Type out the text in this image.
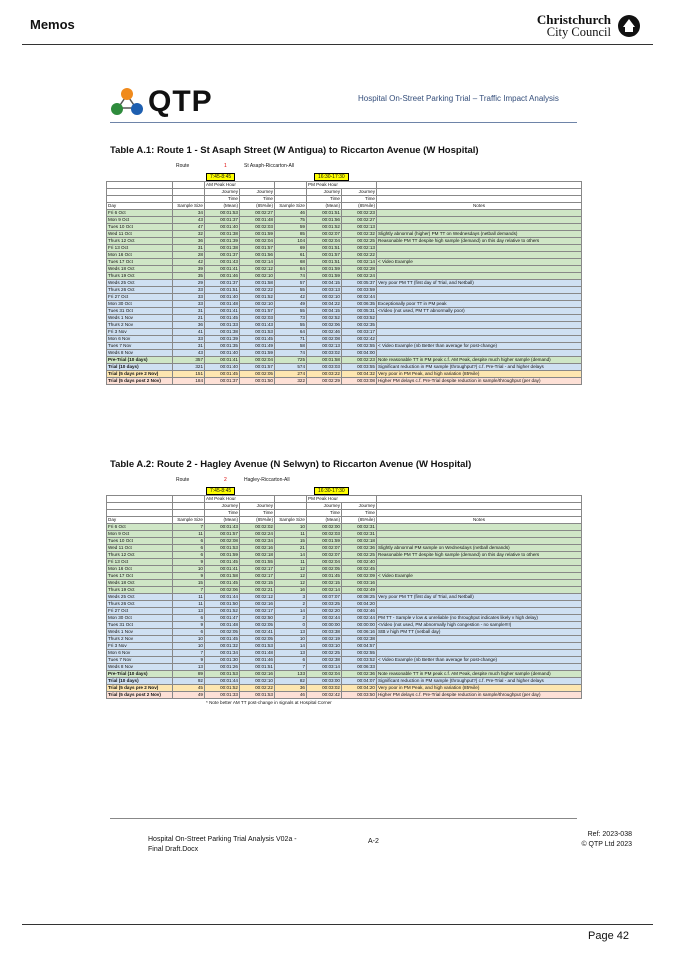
Memos	Christchurch
City Council
QTP	Hospital On-Street Parking Trial – Traffic Impact Analysis
Table A.1: Route 1 - St Asaph Street (W Antigua) to Riccarton Avenue (W Hospital)
Route	1	St Asaph-Riccarton-All
7:45-8:45	16:30-17:30
		AM Peak Hour			PM Peak Hour		
		Journey	Journey		Journey	Journey	
		Time	Time		Time	Time	
Day	Sample Size	(Mean)	(85%ile)	Sample Size	(Mean)	(85%ile)	Notes
Fri 6 Oct	34	00:01:53	00:02:27	46	00:01:51	00:02:23	
Mon 9 Oct	43	00:01:37	00:01:48	75	00:01:56	00:02:27	
Tues 10 Oct	47	00:01:40	00:02:03	59	00:01:52	00:02:13	
Wed 11 Oct	32	00:01:38	00:01:59	85	00:02:07	00:02:32	Slightly abnormal (higher) PM TT on Wednesdays (netball demands)
Thurs 12 Oct	36	00:01:39	00:02:04	104	00:02:04	00:02:25	Reasonable PM TT despite high sample (demand) on this day relative to others
Fri 13 Oct	31	00:01:38	00:01:57	69	00:01:51	00:02:13	
Mon 16 Oct	28	00:01:37	00:01:56	61	00:01:57	00:02:22	
Tues 17 Oct	42	00:01:43	00:02:14	68	00:01:51	00:02:14	< Video Example
Weds 18 Oct	39	00:01:41	00:02:12	84	00:01:59	00:02:28	
Thurs 19 Oct	35	00:01:46	00:02:10	74	00:01:59	00:02:24	
Weds 25 Oct	29	00:01:37	00:01:58	57	00:04:15	00:05:37	Very poor PM TT (first day of Trial, and Netball)
Thurs 26 Oct	33	00:01:51	00:02:22	55	00:03:13	00:03:59	
Fri 27 Oct	33	00:01:40	00:01:52	42	00:02:10	00:02:44	
Mon 30 Oct	33	00:01:48	00:02:10	49	00:04:22	00:06:35	Exceptionally poor TT in PM peak
Tues 31 Oct	31	00:01:41	00:01:57	55	00:04:15	00:05:31	<Video (not used, PM TT abnormally poor)
Weds 1 Nov	21	00:01:45	00:02:03	73	00:02:52	00:03:52	
Thurs 2 Nov	36	00:01:33	00:01:43	55	00:02:06	00:02:35	
Fri 3 Nov	41	00:01:38	00:01:53	64	00:02:46	00:03:17	
Mon 6 Nov	33	00:01:39	00:01:45	71	00:02:08	00:02:42	
Tues 7 Nov	31	00:01:35	00:01:49	58	00:02:13	00:02:55	< Video Example (nb Better than average for post-change)
Weds 8 Nov	43	00:01:40	00:01:59	74	00:03:02	00:04:00	
Pre-Trial (10 days)	357	00:01:41	00:02:04	725	00:01:58	00:02:23	Note reasonable TT in PM peak c.f. AM Peak, despite much higher sample (demand)
Trial (10 days)	321	00:01:40	00:01:57	574	00:03:03	00:03:55	Significant reduction in PM sample (throughput?) c.f. Pre-Trial - and higher delays
Trial (5 days pre 2 Nov)	151	00:01:45	00:02:05	274	00:03:22	00:04:32	Very poor in PM Peak, and high variation (85%ile)
Trial (5 days post 2 Nov)	184	00:01:37	00:01:50	322	00:02:29	00:03:08	Higher PM delays c.f. Pre-Trial despite reduction in sample/throughput (per day)
Table A.2: Route 2 - Hagley Avenue (N Selwyn) to Riccarton Avenue (W Hospital)
Route	2	Hagley-Riccarton-All
7:45-8:45	16:30-17:30
		AM Peak Hour			PM Peak Hour		
		Journey	Journey		Journey	Journey	
		Time	Time		Time	Time	
Day	Sample Size	(Mean)	(85%ile)	Sample Size	(Mean)	(85%ile)	Notes
Fri 6 Oct	7	00:01:43	00:02:02	10	00:02:00	00:02:31	
Mon 9 Oct	11	00:01:57	00:02:24	11	00:02:03	00:02:31	
Tues 10 Oct	6	00:02:08	00:02:34	15	00:01:59	00:02:18	
Wed 11 Oct	6	00:01:53	00:02:16	21	00:02:07	00:02:36	Slightly abnormal PM sample on Wednesdays (netball demands)
Thurs 12 Oct	6	00:01:59	00:02:18	14	00:02:07	00:02:25	Reasonable PM TT despite high sample (demand) on this day relative to others
Fri 13 Oct	9	00:01:45	00:01:55	11	00:02:04	00:02:40	
Mon 16 Oct	10	00:01:41	00:02:17	12	00:02:05	00:02:45	
Tues 17 Oct	9	00:01:58	00:02:17	12	00:01:45	00:02:09	< Video Example
Weds 18 Oct	15	00:01:45	00:02:15	12	00:02:15	00:03:16	
Thurs 19 Oct	7	00:02:06	00:02:21	16	00:02:14	00:02:49	
Weds 25 Oct	11	00:01:44	00:02:12	3	00:07:07	00:08:25	Very poor PM TT (first day of Trial, and Netball)
Thurs 26 Oct	11	00:01:50	00:02:16	2	00:03:25	00:04:20	
Fri 27 Oct	13	00:01:52	00:02:17	14	00:02:20	00:02:46	
Mon 30 Oct	6	00:01:47	00:02:50	2	00:02:44	00:02:44	PM TT - Sample v low & unreliable (no throughput indicates likely v high delay)
Tues 31 Oct	9	00:01:48	00:02:05	0	00:00:00	00:00:00	<Video (not used, PM abnormally high congestion - no sample!!!!)
Weds 1 Nov	6	00:02:05	00:02:41	13	00:03:38	00:06:16	StB v high PM TT (netball day)
Thurs 2 Nov	10	00:01:45	00:02:05	10	00:02:19	00:02:38	
Fri 3 Nov	10	00:01:32	00:01:53	14	00:03:10	00:04:57	
Mon 6 Nov	7	00:01:34	00:01:48	13	00:02:25	00:02:55	
Tues 7 Nov	9	00:01:30	00:01:46	6	00:02:38	00:03:52	< Video Example (nb Better than average for post-change)
Weds 8 Nov	13	00:01:26	00:01:51	7	00:03:14	00:06:33	
Pre-Trial (10 days)	89	00:01:53	00:02:16	133	00:02:04	00:02:36	Note reasonable TT in PM peak c.f. AM Peak, despite much higher sample (demand)
Trial (10 days)	92	00:01:44	00:02:10	82	00:03:00	00:04:07	Significant reduction in PM sample (throughput?) c.f. Pre-Trial - and higher delays
Trial (5 days pre 2 Nov)	45	00:01:52	00:02:22	36	00:03:02	00:04:20	Very poor in PM Peak, and high variation (85%ile)
Trial (5 days post 2 Nov)	49	00:01:33	00:01:53	46	00:02:42	00:03:50	Higher PM delays c.f. Pre-Trial despite reduction in sample/throughput (per day)
* Note better AM TT post-change in signals at Hospital Corner
Hospital On-Street Parking Trial Analysis V02a -
Final Draft.Docx
A-2
Ref: 2023-038
© QTP Ltd 2023
Page 42
